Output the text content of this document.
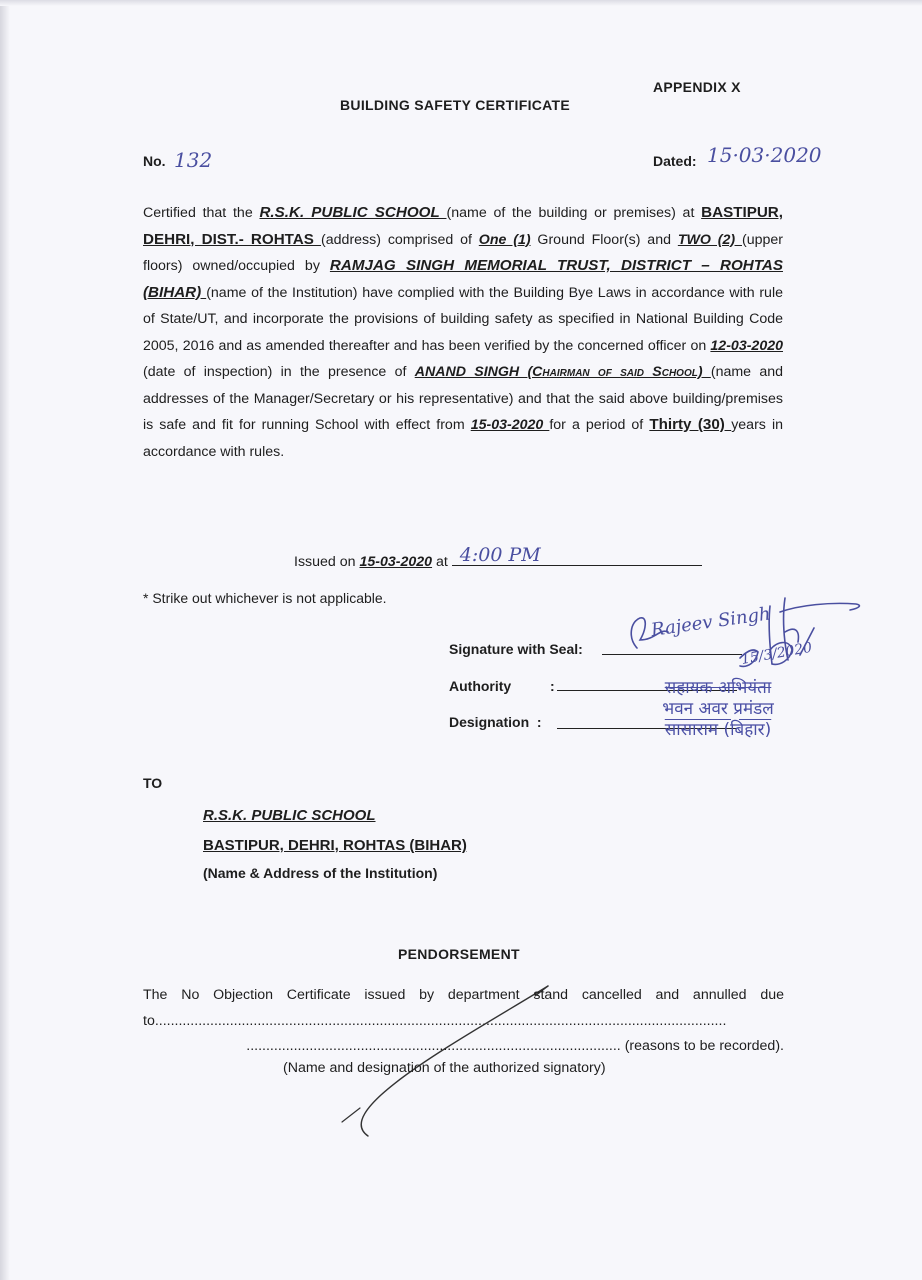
APPENDIX X
BUILDING SAFETY CERTIFICATE
No. 132	Dated: 15·03·2020
Certified that the R.S.K. PUBLIC SCHOOL (name of the building or premises) at BASTIPUR, DEHRI, DIST.- ROHTAS (address) comprised of One (1) Ground Floor(s) and TWO (2) (upper floors) owned/occupied by RAMJAG SINGH MEMORIAL TRUST, DISTRICT – ROHTAS (BIHAR) (name of the Institution) have complied with the Building Bye Laws in accordance with rule of State/UT, and incorporate the provisions of building safety as specified in National Building Code 2005, 2016 and as amended thereafter and has been verified by the concerned officer on 12-03-2020 (date of inspection) in the presence of ANAND SINGH (Chairman of said School) (name and addresses of the Manager/Secretary or his representative) and that the said above building/premises is safe and fit for running School with effect from 15-03-2020 for a period of Thirty (30) years in accordance with rules.
Issued on 15-03-2020 at 4:00 PM
* Strike out whichever is not applicable.
Signature with Seal:
Authority	:
Designation :
सहायक अभियंता
भवन अवर प्रमंडल
सासाराम (बिहार)
Rajeev Singh
15/3/2020
TO
R.S.K. PUBLIC SCHOOL
BASTIPUR, DEHRI, ROHTAS (BIHAR)
(Name & Address of the Institution)
PENDORSEMENT
The No Objection Certificate issued by department stand cancelled and annulled due
to.................................................................................................................................................
............................................................................................... (reasons to be recorded).
(Name and designation of the authorized signatory)
